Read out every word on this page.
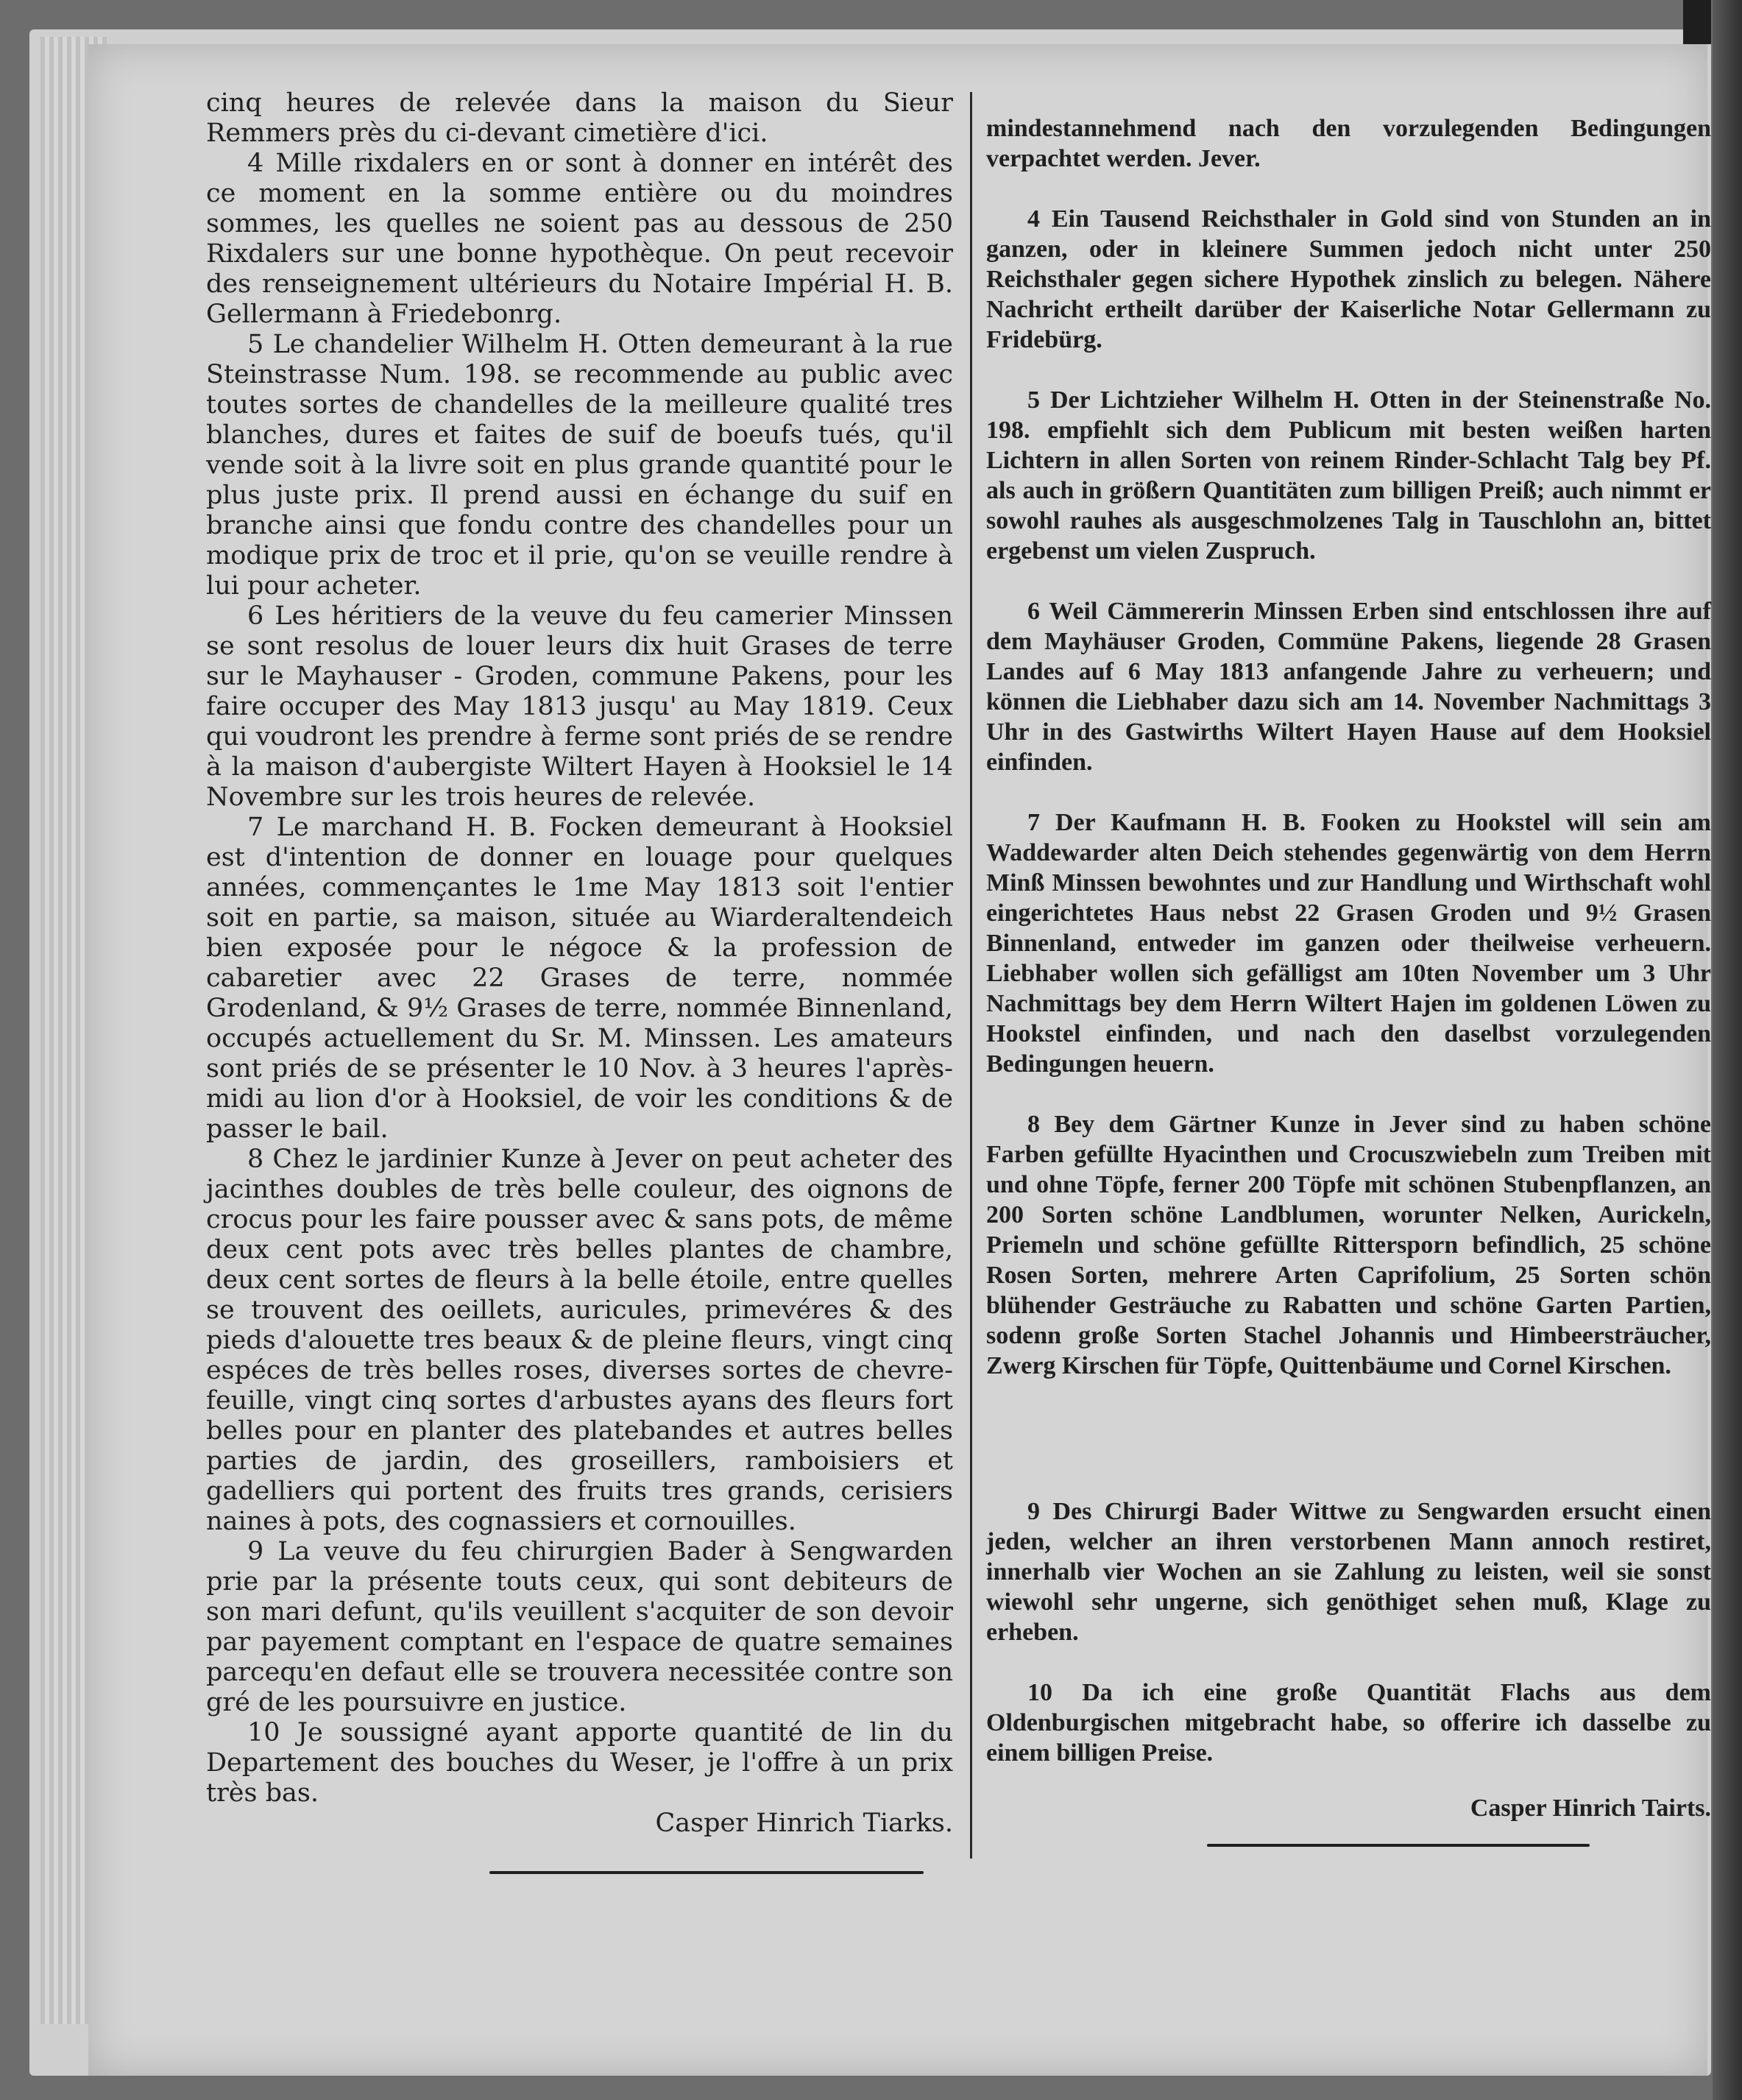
cinq heures de relevée dans la maison du Sieur Remmers près du ci-devant cimetière d'ici.

4 Mille rixdalers en or sont à donner en intérêt des ce moment en la somme entière ou du moindres sommes, les quelles ne soient pas au dessous de 250 Rixdalers sur une bonne hypothèque. On peut recevoir des renseignement ultérieurs du Notaire Impérial H. B. Gellermann à Friedebonrg.

5 Le chandelier Wilhelm H. Otten demeurant à la rue Steinstrasse Num. 198. se recommende au public avec toutes sortes de chandelles de la meilleure qualité tres blanches, dures et faites de suif de boeufs tués, qu'il vende soit à la livre soit en plus grande quantité pour le plus juste prix. Il prend aussi en échange du suif en branche ainsi que fondu contre des chandelles pour un modique prix de troc et il prie, qu'on se veuille rendre à lui pour acheter.

6 Les héritiers de la veuve du feu camerier Minssen se sont resolus de louer leurs dix huit Grases de terre sur le Mayhauser - Groden, commune Pakens, pour les faire occuper des May 1813 jusqu' au May 1819. Ceux qui voudront les prendre à ferme sont priés de se rendre à la maison d'aubergiste Wiltert Hayen à Hooksiel le 14 Novembre sur les trois heures de relevée.

7 Le marchand H. B. Focken demeurant à Hooksiel est d'intention de donner en louage pour quelques années, commençantes le 1me May 1813 soit l'entier soit en partie, sa maison, située au Wiarderaltendeich bien exposée pour le négoce & la profession de cabaretier avec 22 Grases de terre, nommée Grodenland, & 9½ Grases de terre, nommée Binnenland, occupés actuellement du Sr. M. Minssen. Les amateurs sont priés de se présenter le 10 Nov. à 3 heures l'après-midi au lion d'or à Hooksiel, de voir les conditions & de passer le bail.

8 Chez le jardinier Kunze à Jever on peut acheter des jacinthes doubles de très belle couleur, des oignons de crocus pour les faire pousser avec & sans pots, de même deux cent pots avec très belles plantes de chambre, deux cent sortes de fleurs à la belle étoile, entre quelles se trouvent des oeillets, auricules, primevéres & des pieds d'alouette tres beaux & de pleine fleurs, vingt cinq espéces de très belles roses, diverses sortes de chevre-feuille, vingt cinq sortes d'arbustes ayans des fleurs fort belles pour en planter des platebandes et autres belles parties de jardin, des groseillers, ramboisiers et gadelliers qui portent des fruits tres grands, cerisiers naines à pots, des cognassiers et cornouilles.

9 La veuve du feu chirurgien Bader à Sengwarden prie par la présente touts ceux, qui sont debiteurs de son mari defunt, qu'ils veuillent s'acquiter de son devoir par payement comptant en l'espace de quatre semaines parcequ'en defaut elle se trouvera necessitée contre son gré de les poursuivre en justice.

10 Je soussigné ayant apporte quantité de lin du Departement des bouches du Weser, je l'offre à un prix très bas.

Casper Hinrich Tiarks.

mindestannehmend nach den vorzulegenden Bedingungen verpachtet werden. Jever.

4 Ein Tausend Reichsthaler in Gold sind von Stunden an in ganzen, oder in kleinere Summen jedoch nicht unter 250 Reichsthaler gegen sichere Hypothek zinslich zu belegen. Nähere Nachricht ertheilt darüber der Kaiserliche Notar Gellermann zu Fridebürg.

5 Der Lichtzieher Wilhelm H. Otten in der Steinenstraße No. 198. empfiehlt sich dem Publicum mit besten weißen harten Lichtern in allen Sorten von reinem Rinder-Schlacht Talg bey Pf. als auch in größern Quantitäten zum billigen Preiß; auch nimmt er sowohl rauhes als ausgeschmolzenes Talg in Tauschlohn an, bittet ergebenst um vielen Zuspruch.

6 Weil Cämmererin Minssen Erben sind entschlossen ihre auf dem Mayhäuser Groden, Commüne Pakens, liegende 28 Grasen Landes auf 6 May 1813 anfangende Jahre zu verheuern; und können die Liebhaber dazu sich am 14. November Nachmittags 3 Uhr in des Gastwirths Wiltert Hayen Hause auf dem Hooksiel einfinden.

7 Der Kaufmann H. B. Fooken zu Hookstel will sein am Waddewarder alten Deich stehendes gegenwärtig von dem Herrn Minß Minssen bewohntes und zur Handlung und Wirthschaft wohl eingerichtetes Haus nebst 22 Grasen Groden und 9½ Grasen Binnenland, entweder im ganzen oder theilweise verheuern. Liebhaber wollen sich gefälligst am 10ten November um 3 Uhr Nachmittags bey dem Herrn Wiltert Hajen im goldenen Löwen zu Hookstel einfinden, und nach den daselbst vorzulegenden Bedingungen heuern.

8 Bey dem Gärtner Kunze in Jever sind zu haben schöne Farben gefüllte Hyacinthen und Crocuszwiebeln zum Treiben mit und ohne Töpfe, ferner 200 Töpfe mit schönen Stubenpflanzen, an 200 Sorten schöne Landblumen, worunter Nelken, Aurickeln, Priemeln und schöne gefüllte Rittersporn befindlich, 25 schöne Rosen Sorten, mehrere Arten Caprifolium, 25 Sorten schön blühender Gesträuche zu Rabatten und schöne Garten Partien, sodenn große Sorten Stachel Johannis und Himbeersträucher, Zwerg Kirschen für Töpfe, Quittenbäume und Cornel Kirschen.

9 Des Chirurgi Bader Wittwe zu Sengwarden ersucht einen jeden, welcher an ihren verstorbenen Mann annoch restiret, innerhalb vier Wochen an sie Zahlung zu leisten, weil sie sonst wiewohl sehr ungerne, sich genöthiget sehen muß, Klage zu erheben.

10 Da ich eine große Quantität Flachs aus dem Oldenburgischen mitgebracht habe, so offerire ich dasselbe zu einem billigen Preise.

Casper Hinrich Tairts.
